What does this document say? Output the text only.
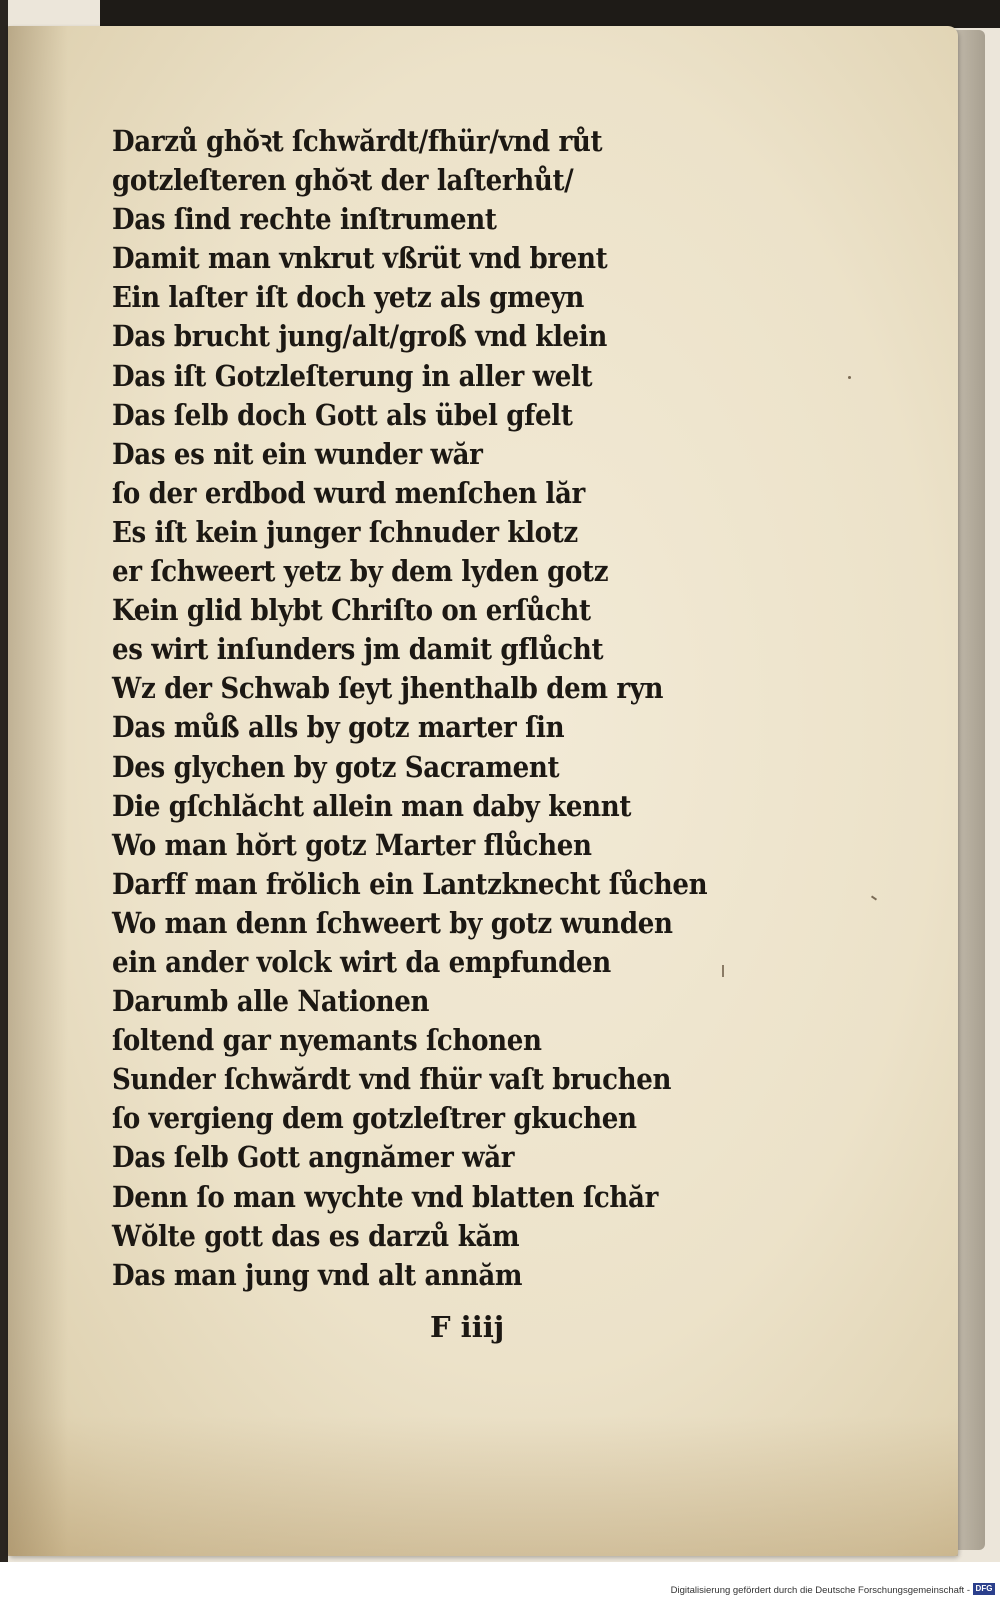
Darzů ghŏꝛt ſchwărdt/fhür/vnd růt
gotzleſteren ghŏꝛt der laſterhůt/
Das ſind rechte inſtrument
Damit man vnkrut vßrüt vnd brent
Ein laſter iſt doch yetz als gmeyn
Das brucht jung/alt/groß vnd klein
Das iſt Gotzleſterung in aller welt
Das ſelb doch Gott als übel gfelt
Das es nit ein wunder wăr
ſo der erdbod wurd menſchen lăr
Es iſt kein junger ſchnuder klotz
er ſchweert yetz by dem lyden gotz
Kein glid blybt Chriſto on erſůcht
es wirt inſunders jm damit gflůcht
Wz der Schwab ſeyt jhenthalb dem ryn
Das můß alls by gotz marter ſin
Des glychen by gotz Sacrament
Die gſchlăcht allein man daby kennt
Wo man hŏrt gotz Marter flůchen
Darff man frŏlich ein Lantzknecht ſůchen
Wo man denn ſchweert by gotz wunden
ein ander volck wirt da empfunden
Darumb alle Nationen
ſoltend gar nyemants ſchonen
Sunder ſchwărdt vnd fhür vaſt bruchen
ſo vergieng dem gotzleſtrer gkuchen
Das ſelb Gott angnămer wăr
Denn ſo man wychte vnd blatten ſchăr
Wŏlte gott das es darzů kăm
Das man jung vnd alt annăm
F iiij
Digitalisierung gefördert durch die Deutsche Forschungsgemeinschaft - DFG
